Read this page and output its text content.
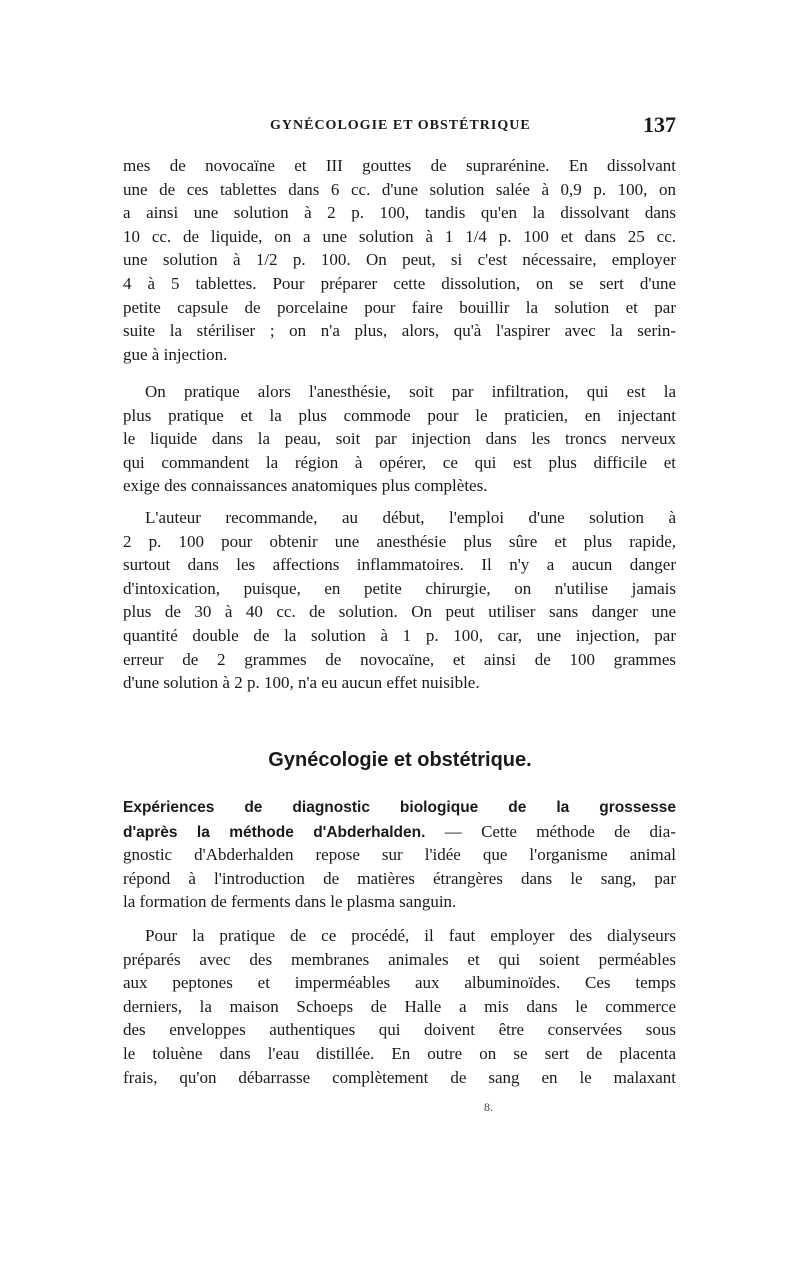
GYNÉCOLOGIE ET OBSTÉTRIQUE	137
mes de novocaïne et III gouttes de suprarénine. En dissolvant
une de ces tablettes dans 6 cc. d'une solution salée à 0,9 p. 100, on
a ainsi une solution à 2 p. 100, tandis qu'en la dissolvant dans
10 cc. de liquide, on a une solution à 1 1/4 p. 100 et dans 25 cc.
une solution à 1/2 p. 100. On peut, si c'est nécessaire, employer
4 à 5 tablettes. Pour préparer cette dissolution, on se sert d'une
petite capsule de porcelaine pour faire bouillir la solution et par
suite la stériliser ; on n'a plus, alors, qu'à l'aspirer avec la serin-
gue à injection.
On pratique alors l'anesthésie, soit par infiltration, qui est la
plus pratique et la plus commode pour le praticien, en injectant
le liquide dans la peau, soit par injection dans les troncs nerveux
qui commandent la région à opérer, ce qui est plus difficile et
exige des connaissances anatomiques plus complètes.
L'auteur recommande, au début, l'emploi d'une solution à
2 p. 100 pour obtenir une anesthésie plus sûre et plus rapide,
surtout dans les affections inflammatoires. Il n'y a aucun danger
d'intoxication, puisque, en petite chirurgie, on n'utilise jamais
plus de 30 à 40 cc. de solution. On peut utiliser sans danger une
quantité double de la solution à 1 p. 100, car, une injection, par
erreur de 2 grammes de novocaïne, et ainsi de 100 grammes
d'une solution à 2 p. 100, n'a eu aucun effet nuisible.
Gynécologie et obstétrique.
Expériences de diagnostic biologique de la grossesse
d'après la méthode d'Abderhalden. — Cette méthode de dia-
gnostic d'Abderhalden repose sur l'idée que l'organisme animal
répond à l'introduction de matières étrangères dans le sang, par
la formation de ferments dans le plasma sanguin.
Pour la pratique de ce procédé, il faut employer des dialyseurs
préparés avec des membranes animales et qui soient perméables
aux peptones et imperméables aux albuminoïdes. Ces temps
derniers, la maison Schoeps de Halle a mis dans le commerce
des enveloppes authentiques qui doivent être conservées sous
le toluène dans l'eau distillée. En outre on se sert de placenta
frais, qu'on débarrasse complètement de sang en le malaxant
8.
